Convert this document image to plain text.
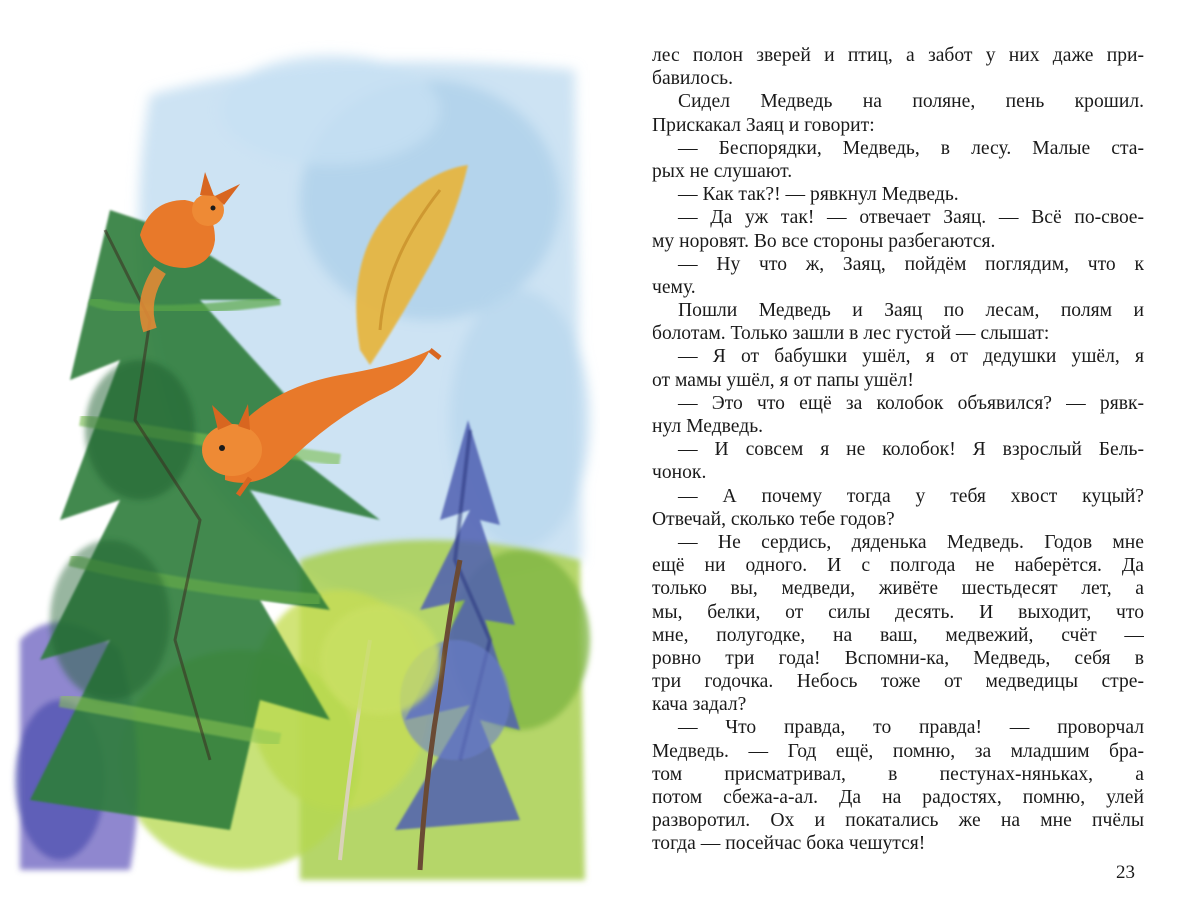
лес полон зверей и птиц, а забот у них даже при-
бавилось.
Сидел Медведь на поляне, пень крошил.
Прискакал Заяц и говорит:
— Беспорядки, Медведь, в лесу. Малые ста-
рых не слушают.
— Как так?! — рявкнул Медведь.
— Да уж так! — отвечает Заяц. — Всё по-своe-
му норовят. Во все стороны разбегаются.
— Ну что ж, Заяц, пойдём поглядим, что к
чему.
Пошли Медведь и Заяц по лесам, полям и
болотам. Только зашли в лес густой — слышат:
— Я от бабушки ушёл, я от дедушки ушёл, я
от мамы ушёл, я от папы ушёл!
— Это что ещё за колобок объявился? — рявк-
нул Медведь.
— И совсем я не колобок! Я взрослый Бель-
чонок.
— А почему тогда у тебя хвост куцый?
Отвечай, сколько тебе годов?
— Не сердись, дяденька Медведь. Годов мне
ещё ни одного. И с полгода не наберётся. Да
только вы, медведи, живёте шестьдесят лет, а
мы, белки, от силы десять. И выходит, что
мне, полугодке, на ваш, медвежий, счёт —
ровно три года! Вспомни-ка, Медведь, себя в
три годочка. Небось тоже от медведицы стре-
кача задал?
— Что правда, то правда! — проворчал
Медведь. — Год ещё, помню, за младшим бра-
том присматривал, в пестунах-няньках, а
потом сбежа-а-ал. Да на радостях, помню, улей
разворотил. Ох и покатались же на мне пчёлы
тогда — посейчас бока чешутся!
23
